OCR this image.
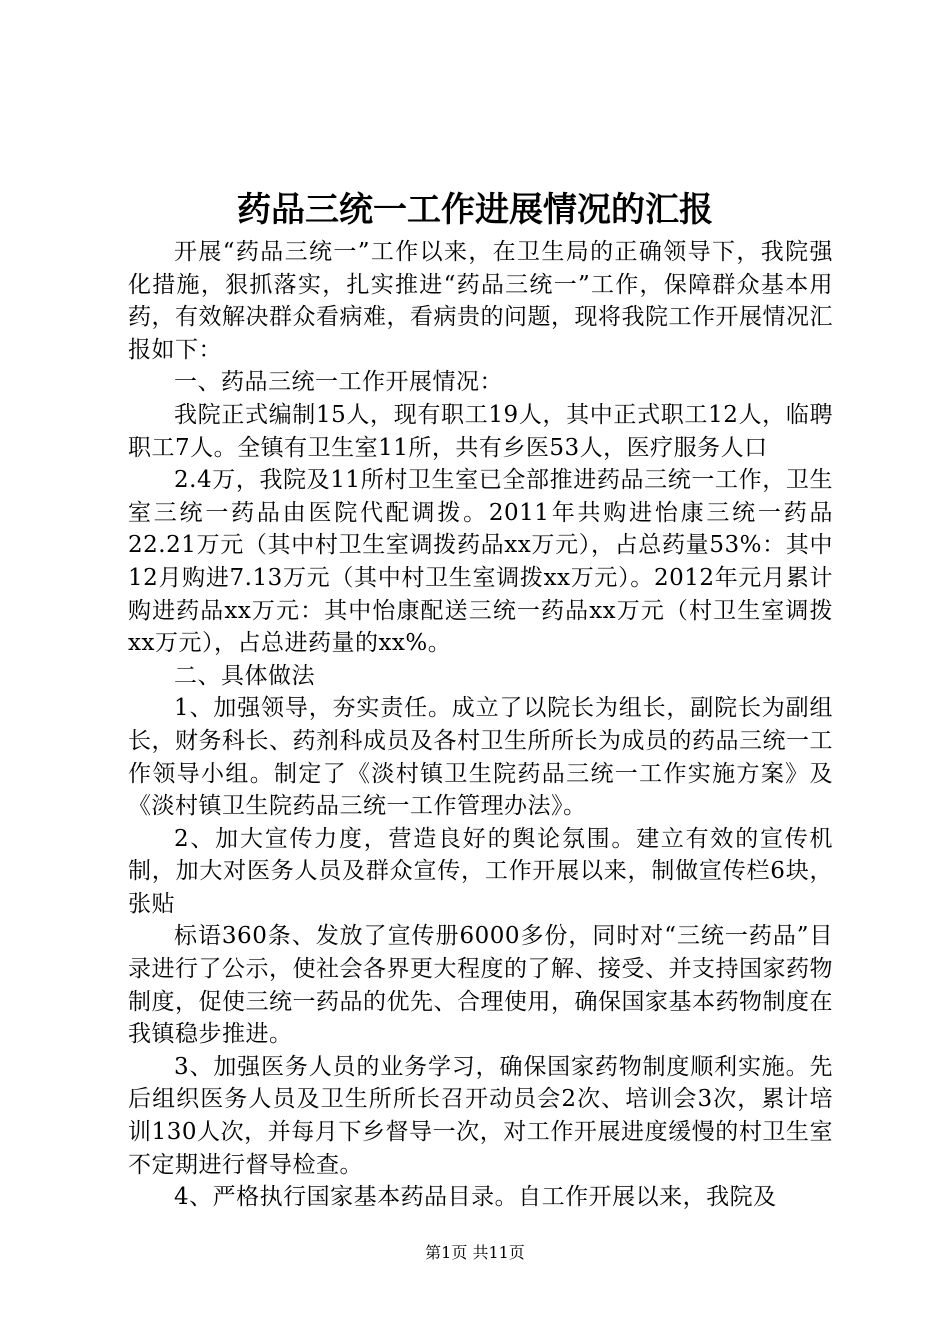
药品三统一工作进展情况的汇报

开展“药品三统一”工作以来，在卫生局的正确领导下，我院强化措施，狠抓落实，扎实推进“药品三统一”工作，保障群众基本用药，有效解决群众看病难，看病贵的问题，现将我院工作开展情况汇报如下：

一、药品三统一工作开展情况：

我院正式编制15人，现有职工19人，其中正式职工12人，临聘职工7人。全镇有卫生室11所，共有乡医53人，医疗服务人口

2.4万，我院及11所村卫生室已全部推进药品三统一工作，卫生室三统一药品由医院代配调拨。2011年共购进怡康三统一药品22.21万元（其中村卫生室调拨药品xx万元），占总药量53%：其中12月购进7.13万元（其中村卫生室调拨xx万元）。2012年元月累计购进药品xx万元：其中怡康配送三统一药品xx万元（村卫生室调拨xx万元），占总进药量的xx%。

二、具体做法

1、加强领导，夯实责任。成立了以院长为组长，副院长为副组长，财务科长、药剂科成员及各村卫生所所长为成员的药品三统一工作领导小组。制定了《淡村镇卫生院药品三统一工作实施方案》及《淡村镇卫生院药品三统一工作管理办法》。

2、加大宣传力度，营造良好的舆论氛围。建立有效的宣传机制，加大对医务人员及群众宣传，工作开展以来，制做宣传栏6块，张贴

标语360条、发放了宣传册6000多份，同时对“三统一药品”目录进行了公示，使社会各界更大程度的了解、接受、并支持国家药物制度，促使三统一药品的优先、合理使用，确保国家基本药物制度在我镇稳步推进。

3、加强医务人员的业务学习，确保国家药物制度顺利实施。先后组织医务人员及卫生所所长召开动员会2次、培训会3次，累计培训130人次，并每月下乡督导一次，对工作开展进度缓慢的村卫生室不定期进行督导检查。

4、严格执行国家基本药品目录。自工作开展以来，我院及

第1页 共11页
